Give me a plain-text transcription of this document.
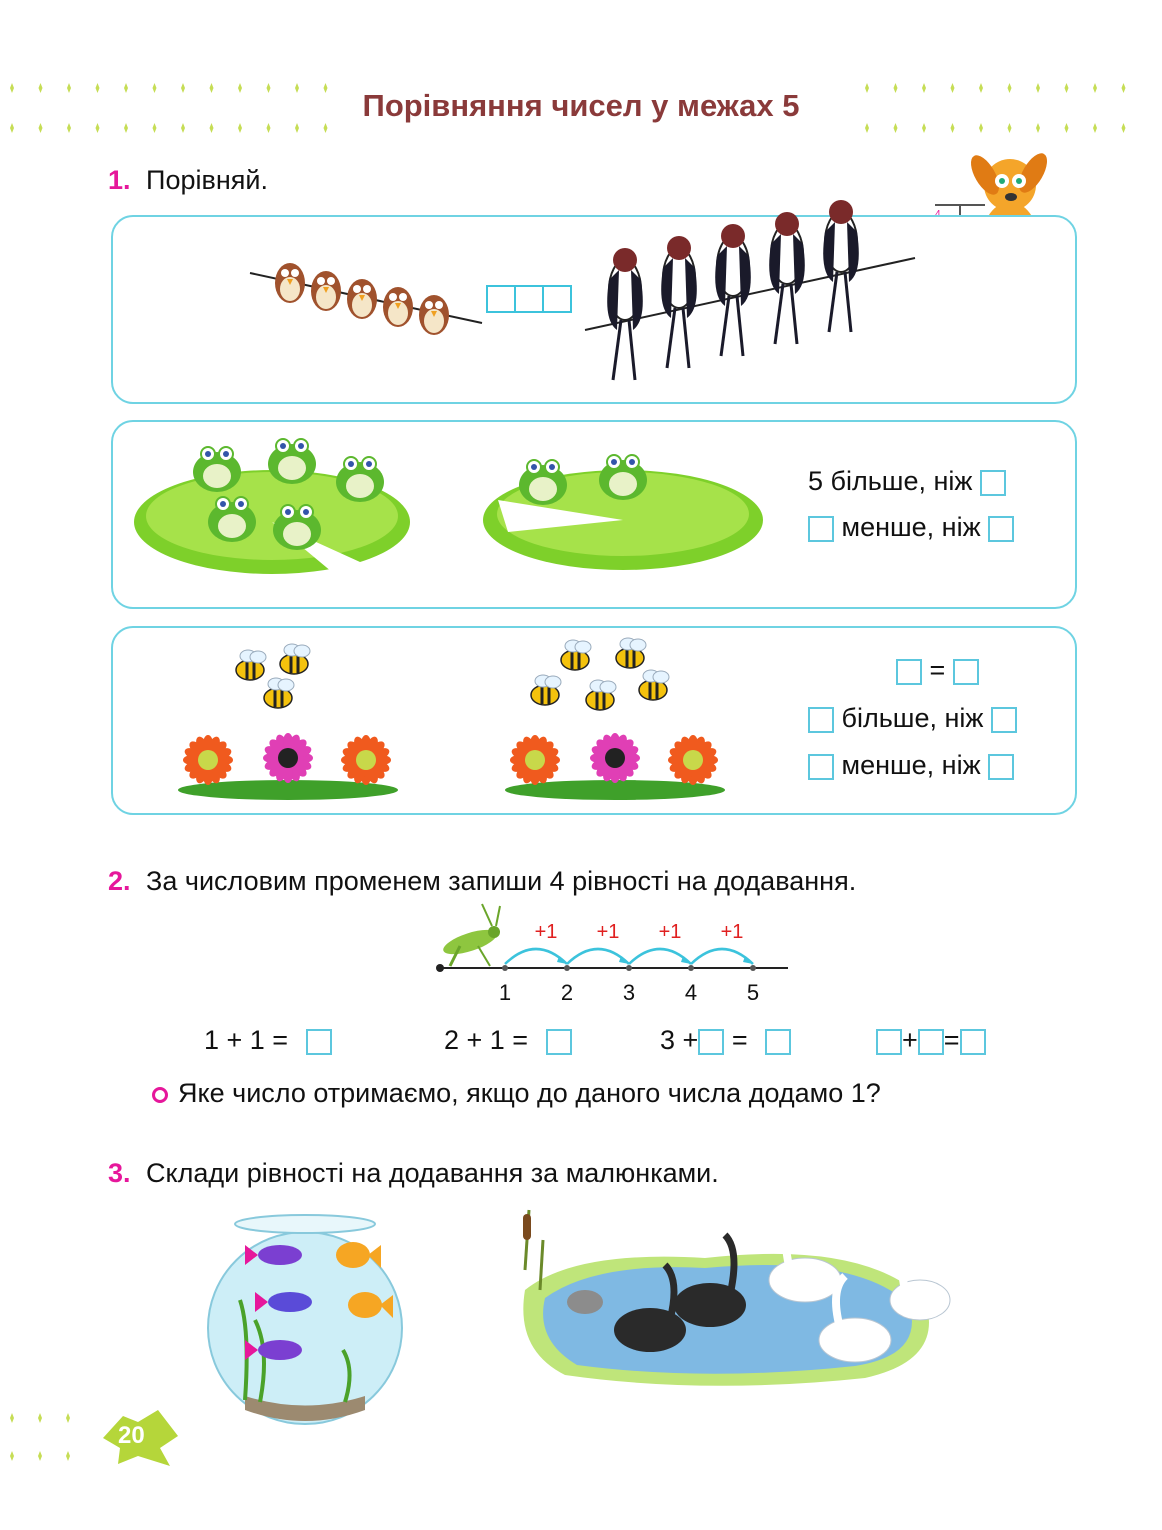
Порівняння чисел у межах 5
1. Порівняй.
5 більше, ніж
менше, ніж
=
більше, ніж
менше, ніж
2. За числовим променем запиши 4 рівності на додавання.
1 2 3 4 5
+1 +1 +1 +1
1 + 1 =	2 + 1 =	3 + =	+ =
Яке число отримаємо, якщо до даного числа додамо 1?
3. Склади рівності на додавання за малюнками.
20
